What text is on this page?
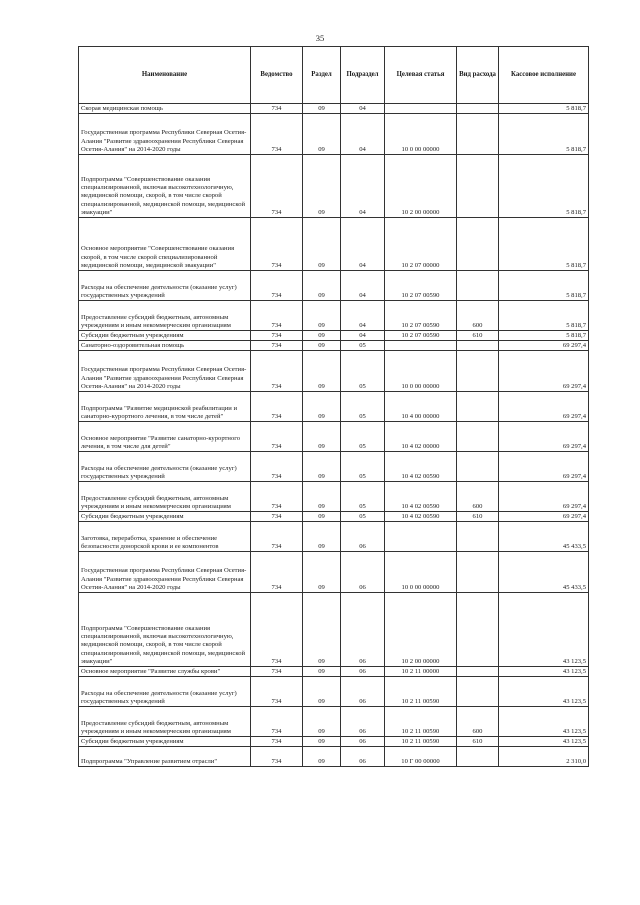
35
Наименование	Ведомство	Раздел	Подраздел	Целевая статья	Вид расхода	Кассовое исполнение
Скорая медицинская помощь	734	09	04			5 818,7
Государственная программа Республики Северная Осетия-Алания "Развитие здравоохранения Республики Северная Осетия-Алания" на 2014-2020 годы	734	09	04	10 0 00 00000		5 818,7
Подпрограмма "Совершенствование оказания специализированной, включая высокотехнологичную, медицинской помощи, скорой, в том числе скорой специализированной, медицинской помощи, медицинской эвакуации"	734	09	04	10 2 00 00000		5 818,7
Основное мероприятие "Совершенствование оказания скорой, в том числе скорой специализированной медицинской помощи, медицинской эвакуации"	734	09	04	10 2 07 00000		5 818,7
Расходы на обеспечение деятельности (оказание услуг) государственных учреждений	734	09	04	10 2 07 00590		5 818,7
Предоставление субсидий бюджетным, автономным учреждениям и иным некоммерческим организациям	734	09	04	10 2 07 00590	600	5 818,7
Субсидии бюджетным учреждениям	734	09	04	10 2 07 00590	610	5 818,7
Санаторно-оздоровительная помощь	734	09	05			69 297,4
Государственная программа Республики Северная Осетия-Алания "Развитие здравоохранения Республики Северная Осетия-Алания" на 2014-2020 годы	734	09	05	10 0 00 00000		69 297,4
Подпрограмма "Развитие медицинской реабилитации и санаторно-курортного лечения, в том числе детей"	734	09	05	10 4 00 00000		69 297,4
Основное мероприятие "Развитие санаторно-курортного лечения, в том числе для детей"	734	09	05	10 4 02 00000		69 297,4
Расходы на обеспечение деятельности (оказание услуг) государственных учреждений	734	09	05	10 4 02 00590		69 297,4
Предоставление субсидий бюджетным, автономным учреждениям и иным некоммерческим организациям	734	09	05	10 4 02 00590	600	69 297,4
Субсидии бюджетным учреждениям	734	09	05	10 4 02 00590	610	69 297,4
Заготовка, переработка, хранение и обеспечение безопасности донорской крови и ее компонентов	734	09	06			45 433,5
Государственная программа Республики Северная Осетия-Алания "Развитие здравоохранения Республики Северная Осетия-Алания" на 2014-2020 годы	734	09	06	10 0 00 00000		45 433,5
Подпрограмма "Совершенствование оказания специализированной, включая высокотехнологичную, медицинской помощи, скорой, в том числе скорой специализированной, медицинской помощи, медицинской эвакуации"	734	09	06	10 2 00 00000		43 123,5
Основное мероприятие "Развитие службы крови"	734	09	06	10 2 11 00000		43 123,5
Расходы на обеспечение деятельности (оказание услуг) государственных учреждений	734	09	06	10 2 11 00590		43 123,5
Предоставление субсидий бюджетным, автономным учреждениям и иным некоммерческим организациям	734	09	06	10 2 11 00590	600	43 123,5
Субсидии бюджетным учреждениям	734	09	06	10 2 11 00590	610	43 123,5
Подпрограмма "Управление развитием отрасли"	734	09	06	10 Г 00 00000		2 310,0
